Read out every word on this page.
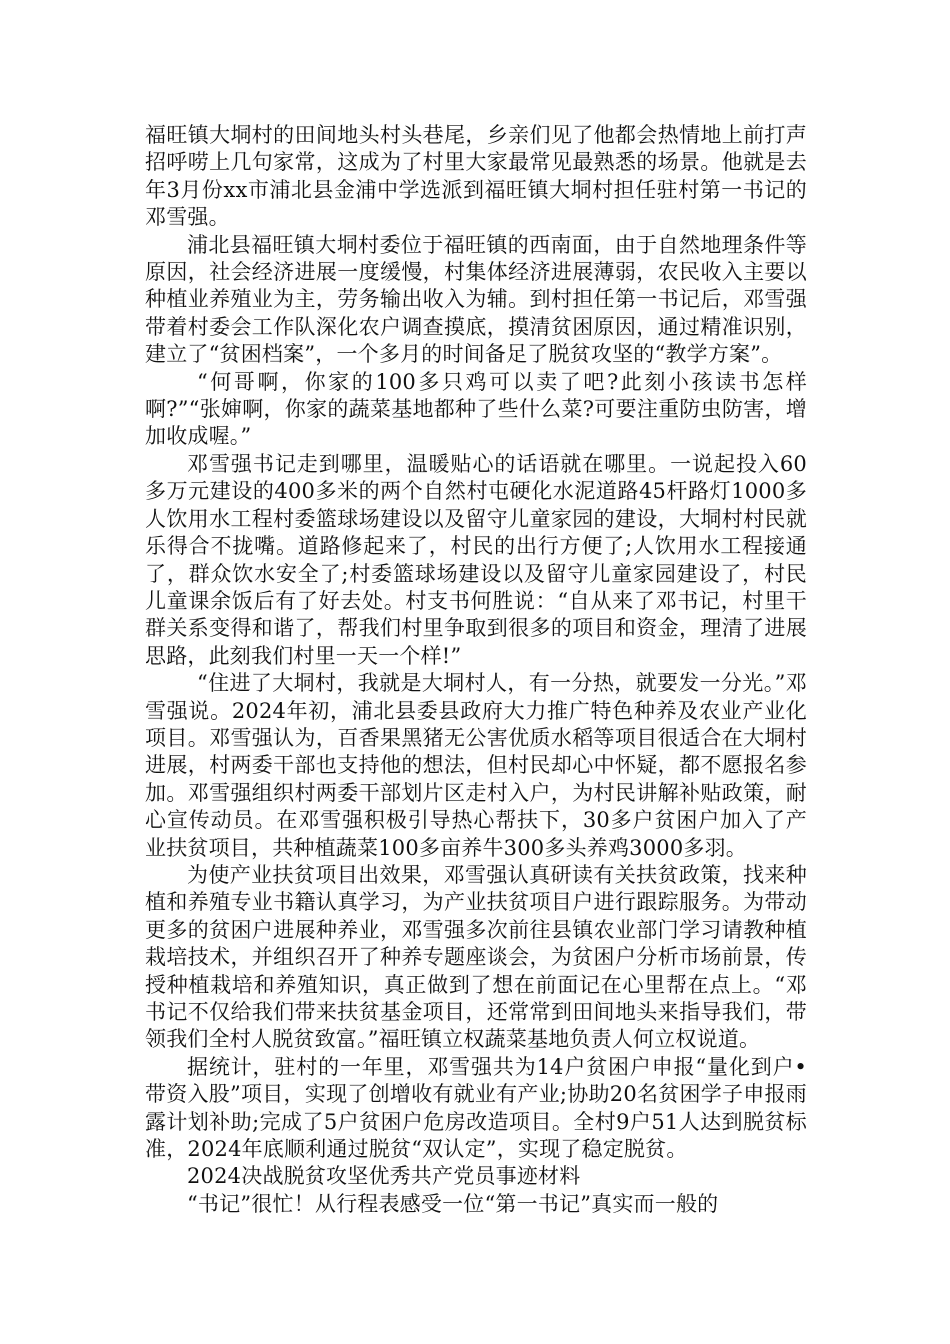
福旺镇大垌村的田间地头村头巷尾，乡亲们见了他都会热情地上前打声招呼唠上几句家常，这成为了村里大家最常见最熟悉的场景。他就是去年3月份xx市浦北县金浦中学选派到福旺镇大垌村担任驻村第一书记的邓雪强。

浦北县福旺镇大垌村委位于福旺镇的西南面，由于自然地理条件等原因，社会经济进展一度缓慢，村集体经济进展薄弱，农民收入主要以种植业养殖业为主，劳务输出收入为辅。到村担任第一书记后，邓雪强带着村委会工作队深化农户调查摸底，摸清贫困原因，通过精准识别，建立了“贫困档案”，一个多月的时间备足了脱贫攻坚的“教学方案”。

“何哥啊，你家的100多只鸡可以卖了吧?此刻小孩读书怎样啊?”“张婶啊，你家的蔬菜基地都种了些什么菜?可要注重防虫防害，增加收成喔。”

邓雪强书记走到哪里，温暖贴心的话语就在哪里。一说起投入60多万元建设的400多米的两个自然村屯硬化水泥道路45杆路灯1000多人饮用水工程村委篮球场建设以及留守儿童家园的建设，大垌村村民就乐得合不拢嘴。道路修起来了，村民的出行方便了;人饮用水工程接通了，群众饮水安全了;村委篮球场建设以及留守儿童家园建设了，村民儿童课余饭后有了好去处。村支书何胜说：“自从来了邓书记，村里干群关系变得和谐了，帮我们村里争取到很多的项目和资金，理清了进展思路，此刻我们村里一天一个样!”

“住进了大垌村，我就是大垌村人，有一分热，就要发一分光。”邓雪强说。2024年初，浦北县委县政府大力推广特色种养及农业产业化项目。邓雪强认为，百香果黑猪无公害优质水稻等项目很适合在大垌村进展，村两委干部也支持他的想法，但村民却心中怀疑，都不愿报名参加。邓雪强组织村两委干部划片区走村入户，为村民讲解补贴政策，耐心宣传动员。在邓雪强积极引导热心帮扶下，30多户贫困户加入了产业扶贫项目，共种植蔬菜100多亩养牛300多头养鸡3000多羽。

为使产业扶贫项目出效果，邓雪强认真研读有关扶贫政策，找来种植和养殖专业书籍认真学习，为产业扶贫项目户进行跟踪服务。为带动更多的贫困户进展种养业，邓雪强多次前往县镇农业部门学习请教种植栽培技术，并组织召开了种养专题座谈会，为贫困户分析市场前景，传授种植栽培和养殖知识，真正做到了想在前面记在心里帮在点上。“邓书记不仅给我们带来扶贫基金项目，还常常到田间地头来指导我们，带领我们全村人脱贫致富。”福旺镇立权蔬菜基地负责人何立权说道。

据统计，驻村的一年里，邓雪强共为14户贫困户申报“量化到户•带资入股”项目，实现了创增收有就业有产业;协助20名贫困学子申报雨露计划补助;完成了5户贫困户危房改造项目。全村9户51人达到脱贫标准，2024年底顺利通过脱贫“双认定”，实现了稳定脱贫。

2024决战脱贫攻坚优秀共产党员事迹材料

“书记”很忙！从行程表感受一位“第一书记”真实而一般的
